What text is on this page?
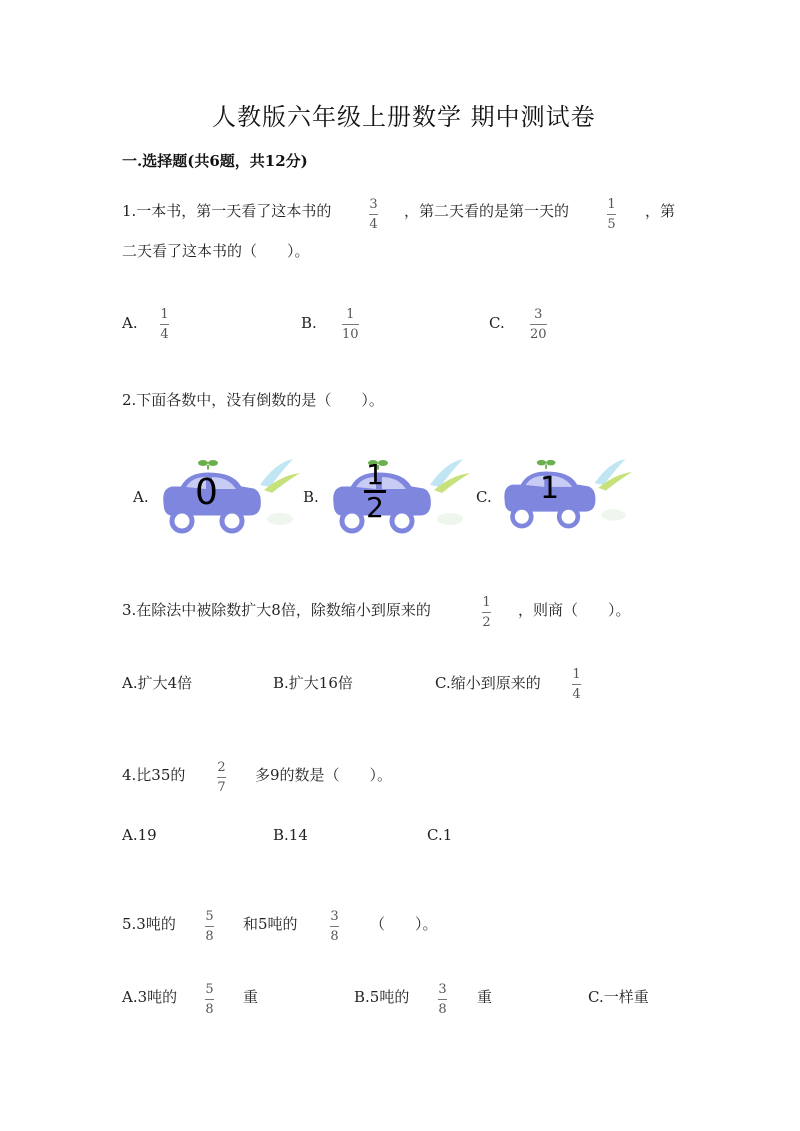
人教版六年级上册数学 期中测试卷
一.选择题(共6题，共12分)
1.一本书，第一天看了这本书的	3
4
，第二天看的是第一天的	1
5
，第
二天看了这本书的（　　）。
A. 1
4
B. 1
10
C. 3
20
2.下面各数中，没有倒数的是（　　）。
A. 0	B.
1
2	C. 1
3.在除法中被除数扩大8倍，除数缩小到原来的	1
2
，则商（　　）。
A.扩大4倍	B.扩大16倍	C.缩小到原来的 1
4
4.比35的 2
7
多9的数是（　　）。
A.19	B.14	C.1
5.3吨的 5
8
和5吨的	3
8
（　　）。
A.3吨的 5
8
重	B.5吨的 3
8
重	C.一样重
